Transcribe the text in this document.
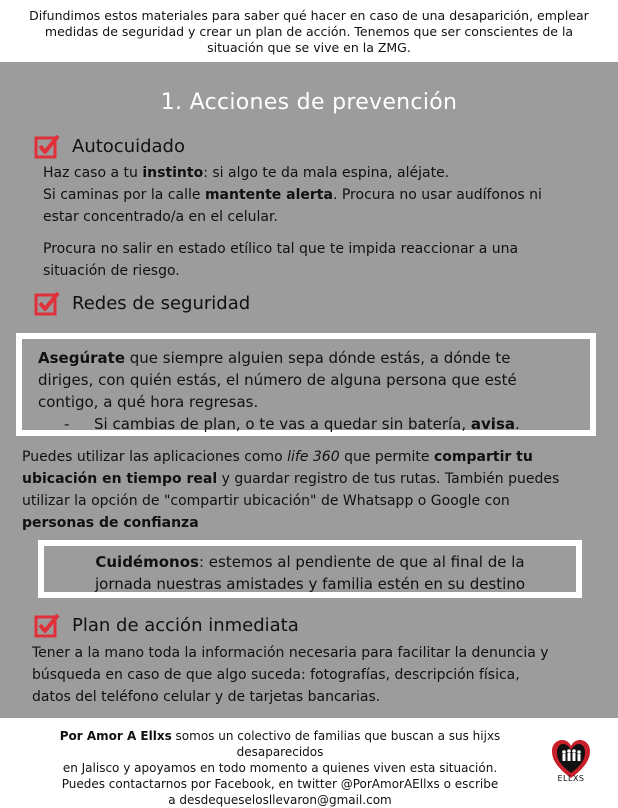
Difundimos estos materiales para saber qué hacer en caso de una desaparición, emplear
medidas de seguridad y crear un plan de acción. Tenemos que ser conscientes de la
situación que se vive en la ZMG.
1. Acciones de prevención
Autocuidado
Haz caso a tu instinto: si algo te da mala espina, aléjate.
Si caminas por la calle mantente alerta. Procura no usar audífonos ni
estar concentrado/a en el celular.
Procura no salir en estado etílico tal que te impida reaccionar a una
situación de riesgo.
Redes de seguridad
Asegúrate que siempre alguien sepa dónde estás, a dónde te
diriges, con quién estás, el número de alguna persona que esté
contigo, a qué hora regresas.
- Si cambias de plan, o te vas a quedar sin batería, avisa.
Puedes utilizar las aplicaciones como life 360 que permite compartir tu
ubicación en tiempo real y guardar registro de tus rutas. También puedes
utilizar la opción de "compartir ubicación" de Whatsapp o Google con
personas de confianza
Cuidémonos: estemos al pendiente de que al final de la
jornada nuestras amistades y familia estén en su destino
Plan de acción inmediata
Tener a la mano toda la información necesaria para facilitar la denuncia y
búsqueda en caso de que algo suceda: fotografías, descripción física,
datos del teléfono celular y de tarjetas bancarias.
Por Amor A Ellxs somos un colectivo de familias que buscan a sus hijxs desaparecidos
en Jalisco y apoyamos en todo momento a quienes viven esta situación.
Puedes contactarnos por Facebook, en twitter @PorAmorAEllxs o escribe
a desdequeselosllevaron@gmail.com
ELLXS
